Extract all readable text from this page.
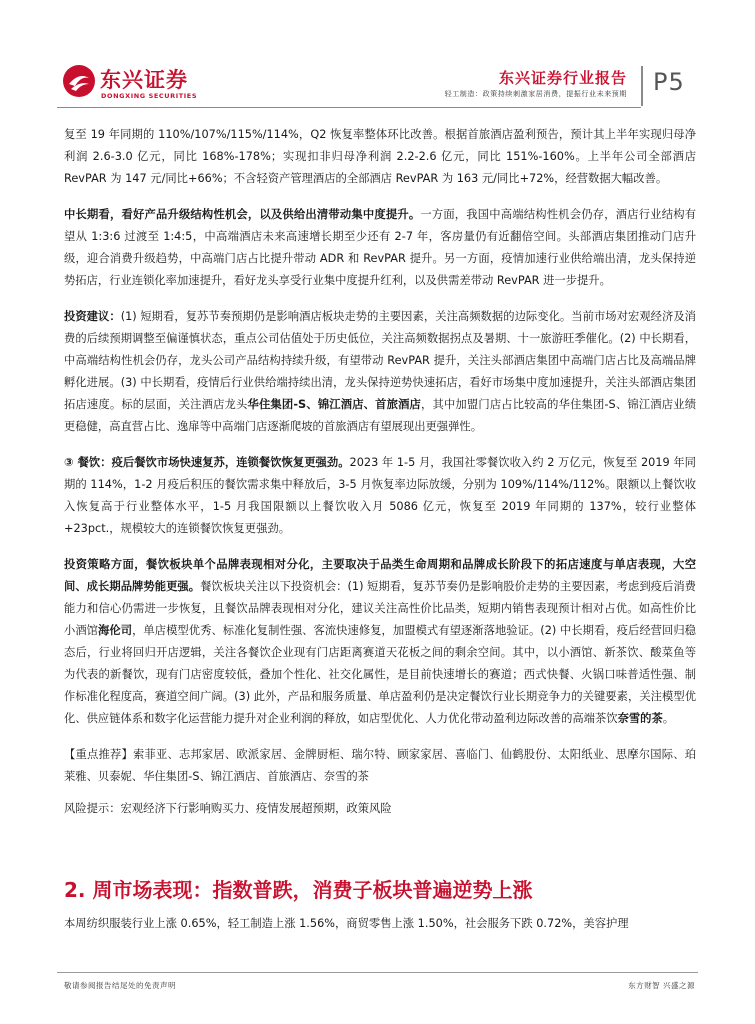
东兴证券
DONGXING SECURITIES
东兴证券行业报告
轻工制造：政策持续刺激家居消费，提振行业未来预期 P5

复至 19 年同期的 110%/107%/115%/114%，Q2 恢复率整体环比改善。根据首旅酒店盈利预告，预计其上半年实现归母净利润 2.6-3.0 亿元，同比 168%-178%；实现扣非归母净利润 2.2-2.6 亿元，同比 151%-160%。上半年公司全部酒店 RevPAR 为 147 元/同比+66%；不含轻资产管理酒店的全部酒店 RevPAR 为 163 元/同比+72%，经营数据大幅改善。

中长期看，看好产品升级结构性机会，以及供给出清带动集中度提升。一方面，我国中高端结构性机会仍存，酒店行业结构有望从 1:3:6 过渡至 1:4:5，中高端酒店未来高速增长期至少还有 2-7 年，客房量仍有近翻倍空间。头部酒店集团推动门店升级，迎合消费升级趋势，中高端门店占比提升带动 ADR 和 RevPAR 提升。另一方面，疫情加速行业供给端出清，龙头保持逆势拓店，行业连锁化率加速提升，看好龙头享受行业集中度提升红利，以及供需差带动 RevPAR 进一步提升。

投资建议：(1) 短期看，复苏节奏预期仍是影响酒店板块走势的主要因素，关注高频数据的边际变化。当前市场对宏观经济及消费的后续预期调整至偏谨慎状态，重点公司估值处于历史低位，关注高频数据拐点及暑期、十一旅游旺季催化。(2) 中长期看，中高端结构性机会仍存，龙头公司产品结构持续升级，有望带动 RevPAR 提升，关注头部酒店集团中高端门店占比及高端品牌孵化进展。(3) 中长期看，疫情后行业供给端持续出清，龙头保持逆势快速拓店，看好市场集中度加速提升，关注头部酒店集团拓店速度。标的层面，关注酒店龙头华住集团-S、锦江酒店、首旅酒店，其中加盟门店占比较高的华住集团-S、锦江酒店业绩更稳健，高直营占比、逸扉等中高端门店逐渐爬坡的首旅酒店有望展现出更强弹性。

③ 餐饮：疫后餐饮市场快速复苏，连锁餐饮恢复更强劲。2023 年 1-5 月，我国社零餐饮收入约 2 万亿元，恢复至 2019 年同期的 114%，1-2 月疫后积压的餐饮需求集中释放后，3-5 月恢复率边际放缓，分别为 109%/114%/112%。限额以上餐饮收入恢复高于行业整体水平，1-5 月我国限额以上餐饮收入月 5086 亿元，恢复至 2019 年同期的 137%，较行业整体+23pct.，规模较大的连锁餐饮恢复更强劲。

投资策略方面，餐饮板块单个品牌表现相对分化，主要取决于品类生命周期和品牌成长阶段下的拓店速度与单店表现，大空间、成长期品牌势能更强。餐饮板块关注以下投资机会：(1) 短期看，复苏节奏仍是影响股价走势的主要因素，考虑到疫后消费能力和信心仍需进一步恢复，且餐饮品牌表现相对分化，建议关注高性价比品类，短期内销售表现预计相对占优。如高性价比小酒馆海伦司，单店模型优秀、标准化复制性强、客流快速修复，加盟模式有望逐渐落地验证。(2) 中长期看，疫后经营回归稳态后，行业将回归开店逻辑，关注各餐饮企业现有门店距离赛道天花板之间的剩余空间。其中，以小酒馆、新茶饮、酸菜鱼等为代表的新餐饮，现有门店密度较低，叠加个性化、社交化属性，是目前快速增长的赛道；西式快餐、火锅口味普适性强、制作标准化程度高，赛道空间广阔。(3) 此外，产品和服务质量、单店盈利仍是决定餐饮行业长期竞争力的关键要素，关注模型优化、供应链体系和数字化运营能力提升对企业利润的释放，如店型优化、人力优化带动盈利边际改善的高端茶饮奈雪的茶。

【重点推荐】索菲亚、志邦家居、欧派家居、金牌厨柜、瑞尔特、顾家家居、喜临门、仙鹤股份、太阳纸业、思摩尔国际、珀莱雅、贝泰妮、华住集团-S、锦江酒店、首旅酒店、奈雪的茶

风险提示：宏观经济下行影响购买力、疫情发展超预期，政策风险

2. 周市场表现：指数普跌，消费子板块普遍逆势上涨
本周纺织服装行业上涨 0.65%，轻工制造上涨 1.56%，商贸零售上涨 1.50%，社会服务下跌 0.72%，美容护理
敬请参阅报告结尾处的免责声明	东方财智 兴盛之源
